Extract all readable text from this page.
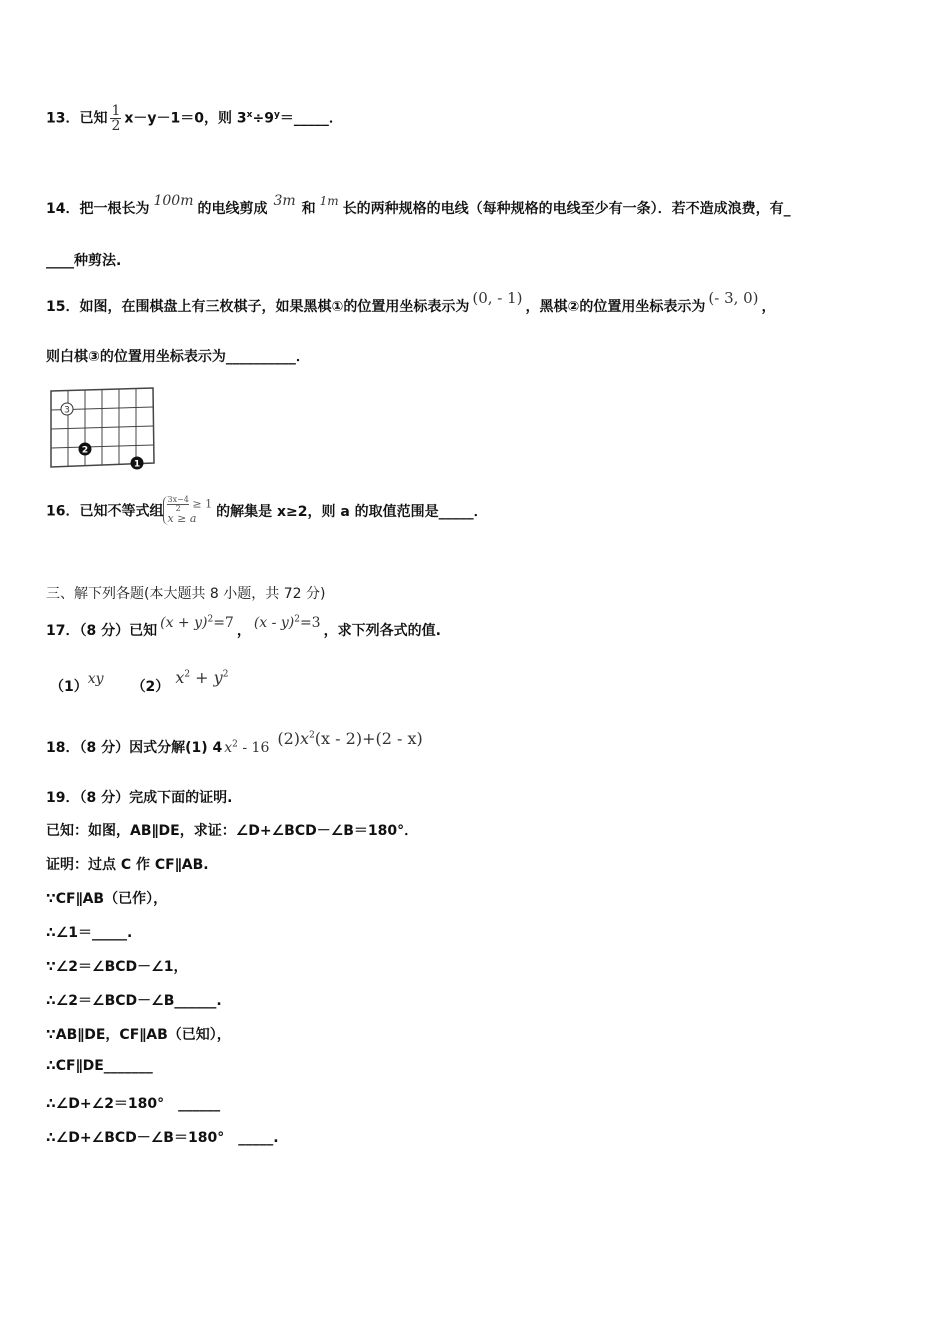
13．已知 $\frac{1}{2} x-y-1=0$，则 $3^x\div 9^y=\_\_\_\_\_$．
14．把一根长为 100m 的电线剪成 3m 和 1m 长的两种规格的电线（每种规格的电线至少有一条）．若不造成浪费，有_
____种剪法.
15．如图，在围棋盘上有三枚棋子，如果黑棋①的位置用坐标表示为 (0, - 1) ，黑棋②的位置用坐标表示为 (- 3, 0) ，
则白棋③的位置用坐标表示为__________．
3
2
1
16．已知不等式组 $\frac{3x-4}{2} \ge 1$
x ≥ a	的解集是 x≥2，则 a 的取值范围是_____．
三、解下列各题(本大题共 8 小题，共 72 分)
17．（8 分）已知 $(x + y)^2=7$ ， (x - y)$^2$=3 ，求下列各式的值.
（1）xy （2） $x^2 + y^2$
18．（8 分）因式分解(1) 4 $x^2 - 16$ $(2)x^2(x - 2)+(2 - x)$
19．（8 分）完成下面的证明.
已知：如图，AB∥DE，求证：∠D+∠BCD－∠B＝180°．
证明：过点 C 作 CF∥AB.
∵CF∥AB（已作），
∴∠1＝_____.
∵∠2＝∠BCD－∠1，
∴∠2＝∠BCD－∠B______.
∵AB∥DE，CF∥AB（已知），
∴CF∥DE_______
∴∠D+∠2＝180°　______
∴∠D+∠BCD－∠B＝180°　_____.
